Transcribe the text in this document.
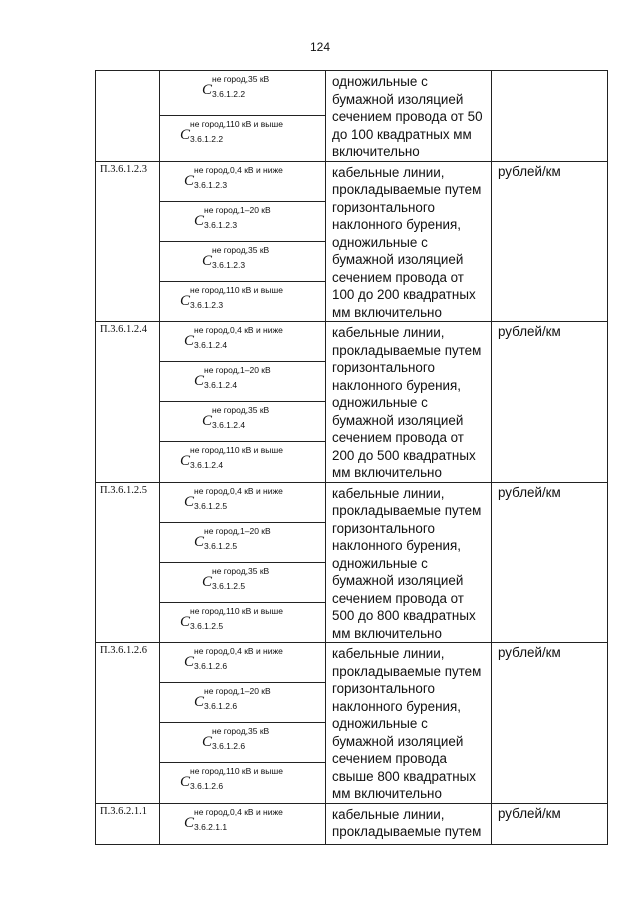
124

	C
не город,35 кВ
3.6.1.2.2	одножильные с бумажной изоляцией сечением провода от 50 до 100 квадратных мм включительно	

	C
не город,110 кВ и выше
3.6.1.2.2		

П.3.6.1.2.3	C
не город,0,4 кВ и ниже
3.6.1.2.3	кабельные линии, прокладываемые путем горизонтального наклонного бурения, одножильные с бумажной изоляцией сечением провода от 100 до 200 квадратных мм включительно	рублей/км

	C
не город,1–20 кВ
3.6.1.2.3		

	C
не город,35 кВ
3.6.1.2.3		

	C
не город,110 кВ и выше
3.6.1.2.3		

П.3.6.1.2.4	C
не город,0,4 кВ и ниже
3.6.1.2.4	кабельные линии, прокладываемые путем горизонтального наклонного бурения, одножильные с бумажной изоляцией сечением провода от 200 до 500 квадратных мм включительно	рублей/км

	C
не город,1–20 кВ
3.6.1.2.4		

	C
не город,35 кВ
3.6.1.2.4		

	C
не город,110 кВ и выше
3.6.1.2.4		

П.3.6.1.2.5	C
не город,0,4 кВ и ниже
3.6.1.2.5	кабельные линии, прокладываемые путем горизонтального наклонного бурения, одножильные с бумажной изоляцией сечением провода от 500 до 800 квадратных мм включительно	рублей/км

	C
не город,1–20 кВ
3.6.1.2.5		

	C
не город,35 кВ
3.6.1.2.5		

	C
не город,110 кВ и выше
3.6.1.2.5		

П.3.6.1.2.6	C
не город,0,4 кВ и ниже
3.6.1.2.6	кабельные линии, прокладываемые путем горизонтального наклонного бурения, одножильные с бумажной изоляцией сечением провода свыше 800 квадратных мм включительно	рублей/км

	C
не город,1–20 кВ
3.6.1.2.6		

	C
не город,35 кВ
3.6.1.2.6		

	C
не город,110 кВ и выше
3.6.1.2.6		

П.3.6.2.1.1	C
не город,0,4 кВ и ниже
3.6.2.1.1	кабельные линии, прокладываемые путем	рублей/км
